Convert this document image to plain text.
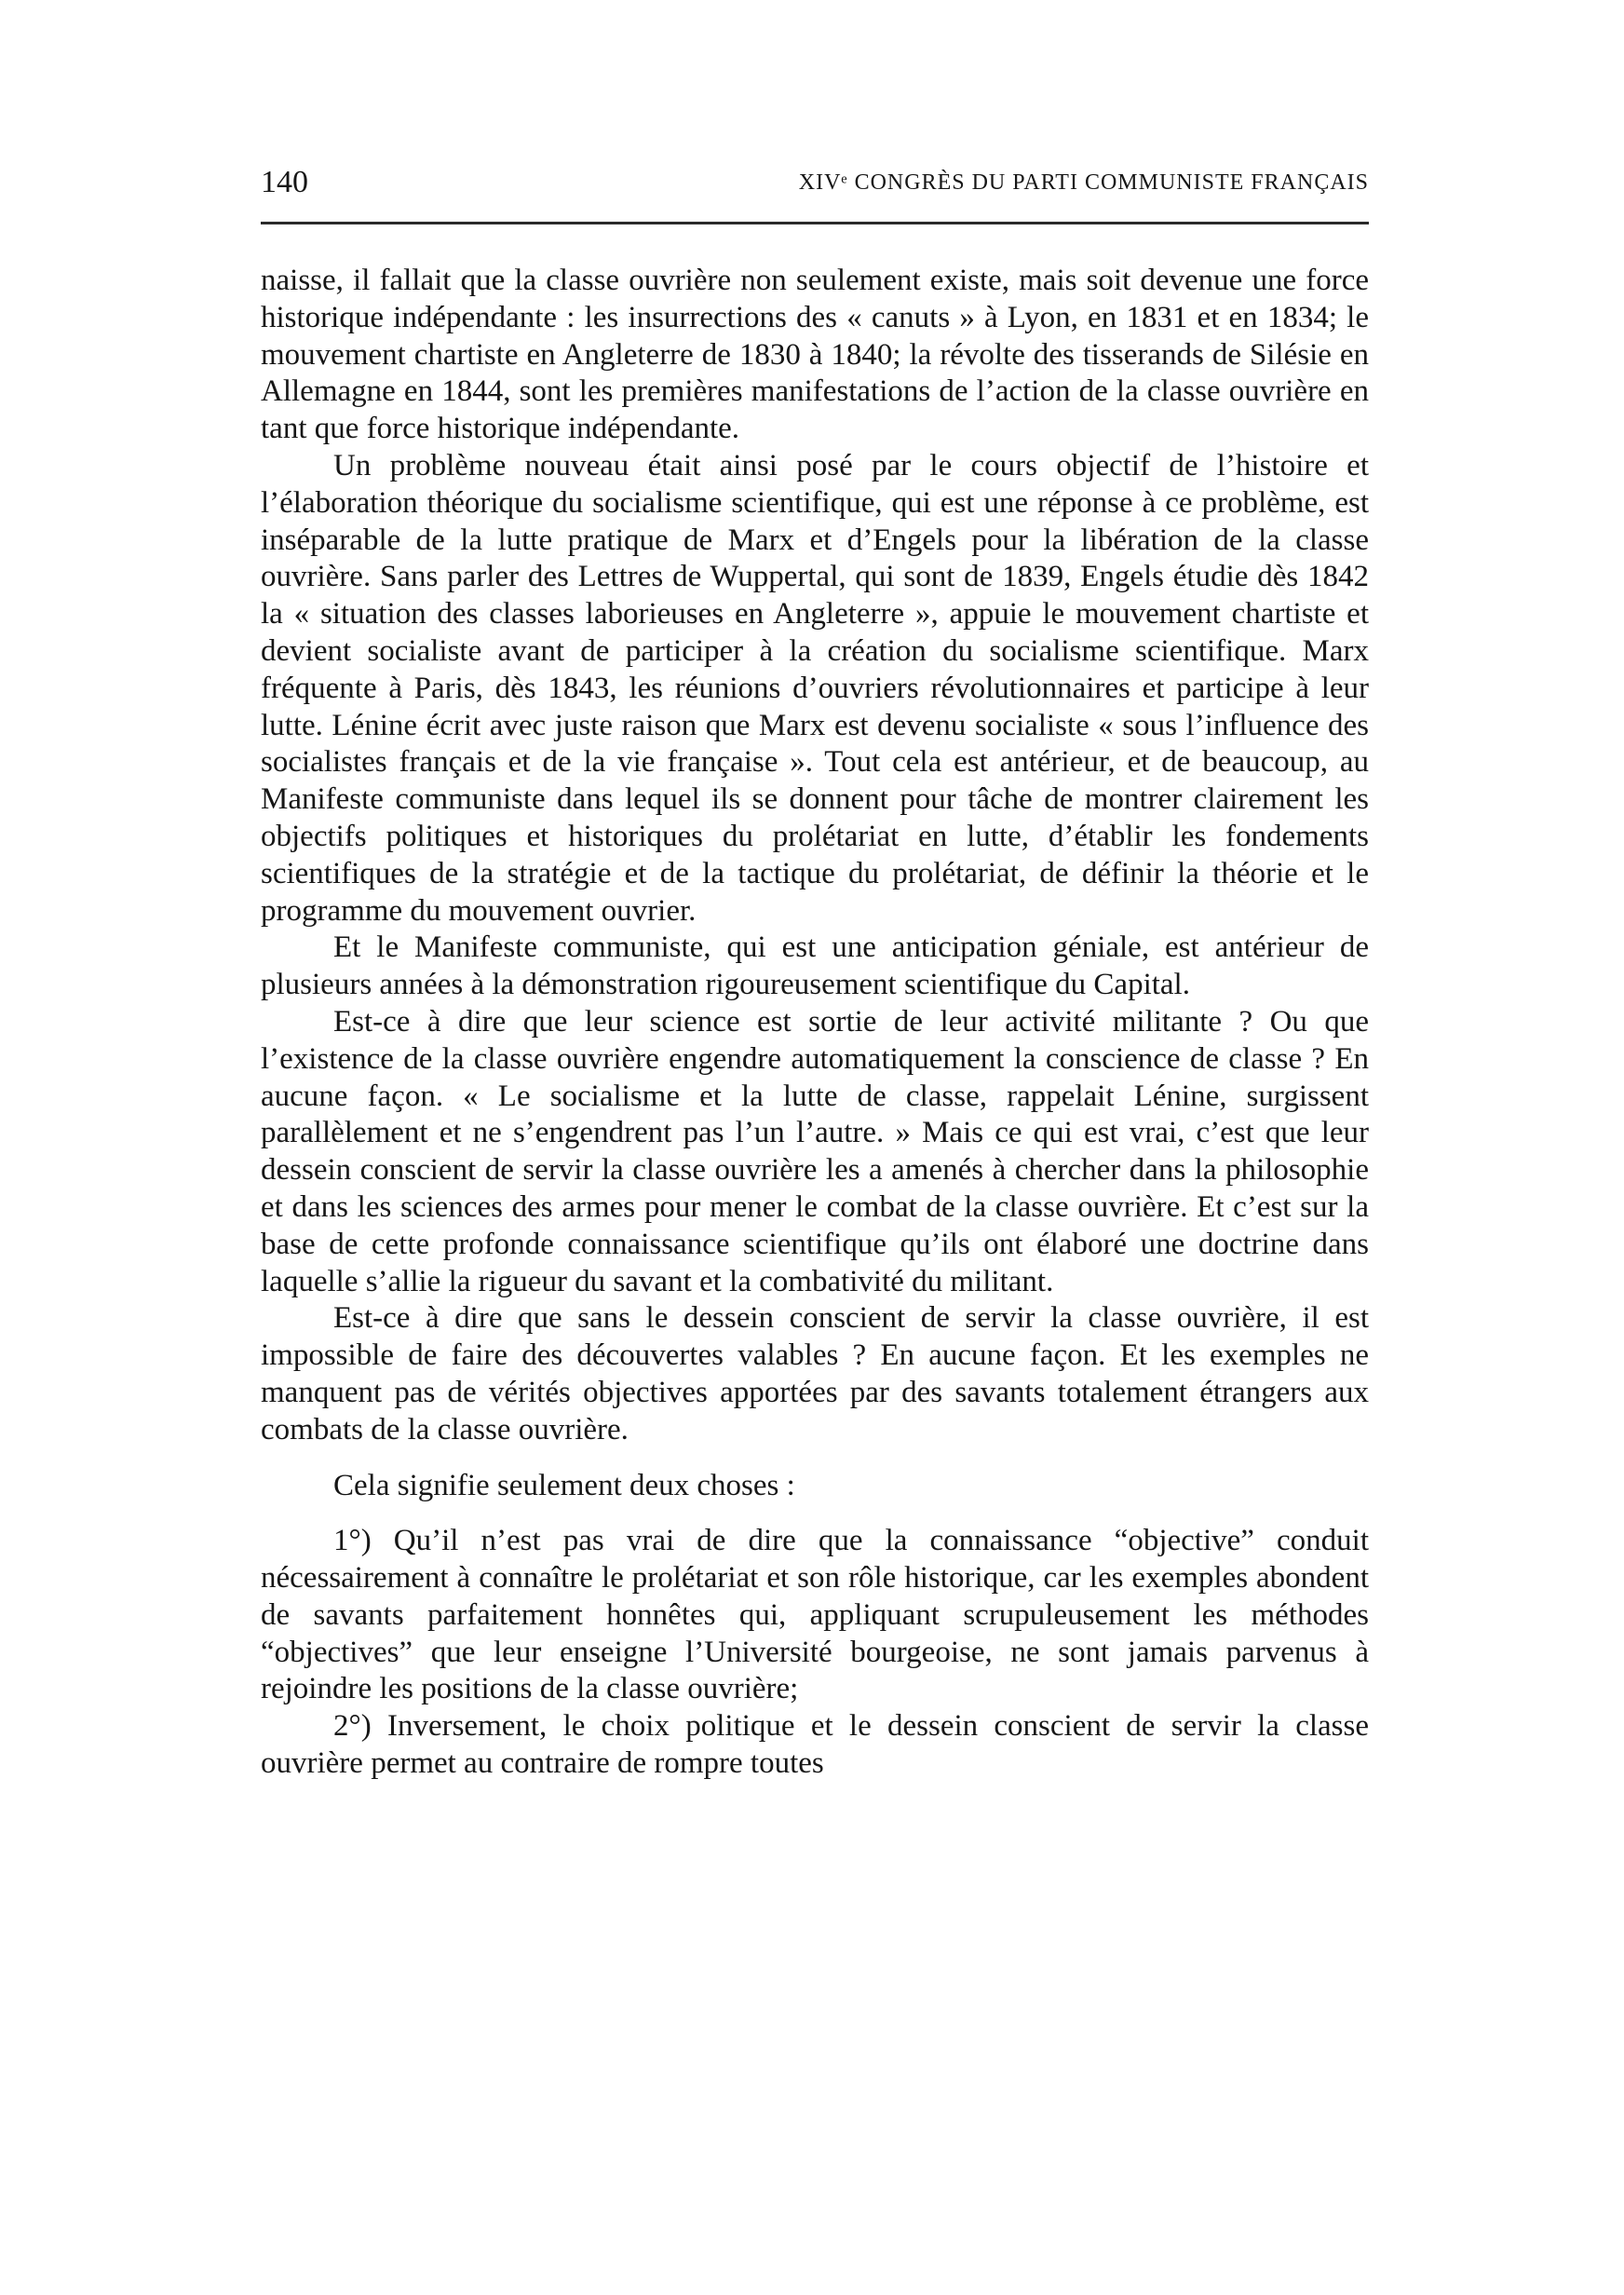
140	XIVᵉ CONGRÈS DU PARTI COMMUNISTE FRANÇAIS

naisse, il fallait que la classe ouvrière non seulement existe, mais soit devenue une force historique indépendante : les insurrections des « canuts » à Lyon, en 1831 et en 1834; le mouvement chartiste en Angleterre de 1830 à 1840; la révolte des tisserands de Silésie en Allemagne en 1844, sont les premières manifestations de l’action de la classe ouvrière en tant que force historique indépendante.

Un problème nouveau était ainsi posé par le cours objectif de l’histoire et l’élaboration théorique du socialisme scientifique, qui est une réponse à ce problème, est inséparable de la lutte pratique de Marx et d’Engels pour la libération de la classe ouvrière. Sans parler des Lettres de Wuppertal, qui sont de 1839, Engels étudie dès 1842 la « situation des classes laborieuses en Angleterre », appuie le mouvement chartiste et devient socialiste avant de participer à la création du socialisme scientifique. Marx fréquente à Paris, dès 1843, les réunions d’ouvriers révolutionnaires et participe à leur lutte. Lénine écrit avec juste raison que Marx est devenu socialiste « sous l’influence des socialistes français et de la vie française ». Tout cela est antérieur, et de beaucoup, au Manifeste communiste dans lequel ils se donnent pour tâche de montrer clairement les objectifs politiques et historiques du prolétariat en lutte, d’établir les fondements scientifiques de la stratégie et de la tactique du prolétariat, de définir la théorie et le programme du mouvement ouvrier.

Et le Manifeste communiste, qui est une anticipation géniale, est antérieur de plusieurs années à la démonstration rigoureusement scientifique du Capital.

Est-ce à dire que leur science est sortie de leur activité militante ? Ou que l’existence de la classe ouvrière engendre automatiquement la conscience de classe ? En aucune façon. « Le socialisme et la lutte de classe, rappelait Lénine, surgissent parallèlement et ne s’engendrent pas l’un l’autre. » Mais ce qui est vrai, c’est que leur dessein conscient de servir la classe ouvrière les a amenés à chercher dans la philosophie et dans les sciences des armes pour mener le combat de la classe ouvrière. Et c’est sur la base de cette profonde connaissance scientifique qu’ils ont élaboré une doctrine dans laquelle s’allie la rigueur du savant et la combativité du militant.

Est-ce à dire que sans le dessein conscient de servir la classe ouvrière, il est impossible de faire des découvertes valables ? En aucune façon. Et les exemples ne manquent pas de vérités objectives apportées par des savants totalement étrangers aux combats de la classe ouvrière.

Cela signifie seulement deux choses :

1°) Qu’il n’est pas vrai de dire que la connaissance “objective” conduit nécessairement à connaître le prolétariat et son rôle historique, car les exemples abondent de savants parfaitement honnêtes qui, appliquant scrupuleusement les méthodes “objectives” que leur enseigne l’Université bourgeoise, ne sont jamais parvenus à rejoindre les positions de la classe ouvrière;

2°) Inversement, le choix politique et le dessein conscient de servir la classe ouvrière permet au contraire de rompre toutes
